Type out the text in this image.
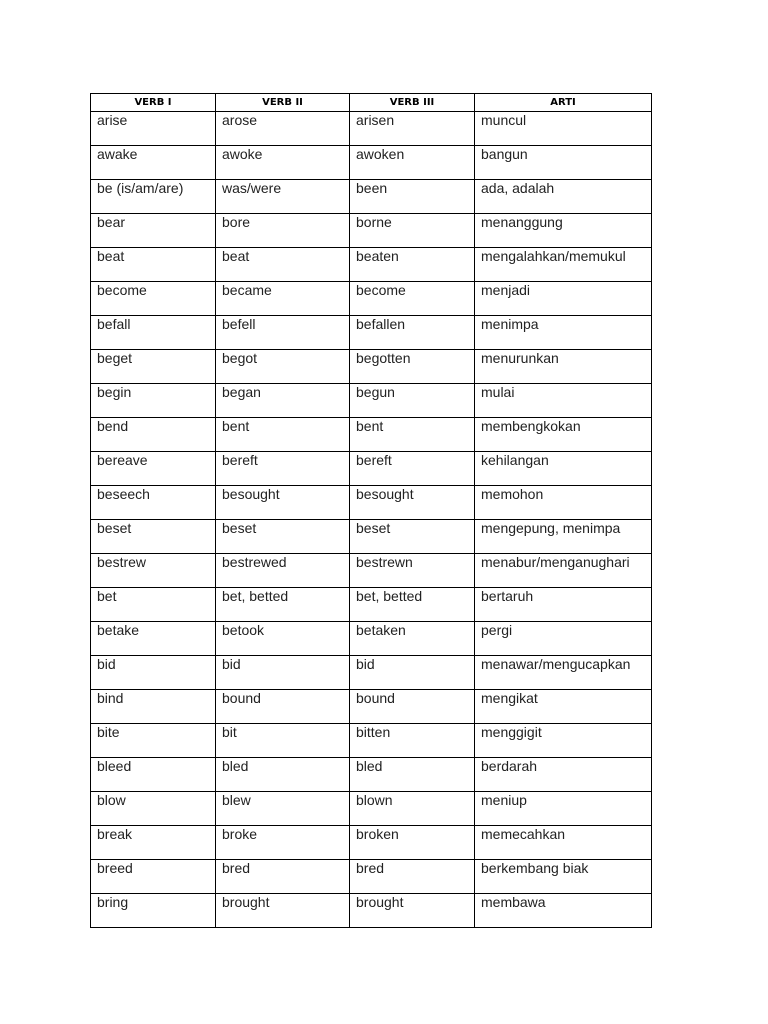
VERB I	VERB II	VERB III	ARTI

arise	arose	arisen	muncul

awake	awoke	awoken	bangun

be (is/am/are)	was/were	been	ada, adalah

bear	bore	borne	menanggung

beat	beat	beaten	mengalahkan/memukul

become	became	become	menjadi

befall	befell	befallen	menimpa

beget	begot	begotten	menurunkan

begin	began	begun	mulai

bend	bent	bent	membengkokan

bereave	bereft	bereft	kehilangan

beseech	besought	besought	memohon

beset	beset	beset	mengepung, menimpa

bestrew	bestrewed	bestrewn	menabur/menganughari

bet	bet, betted	bet, betted	bertaruh

betake	betook	betaken	pergi

bid	bid	bid	menawar/mengucapkan

bind	bound	bound	mengikat

bite	bit	bitten	menggigit

bleed	bled	bled	berdarah

blow	blew	blown	meniup

break	broke	broken	memecahkan

breed	bred	bred	berkembang biak

bring	brought	brought	membawa
